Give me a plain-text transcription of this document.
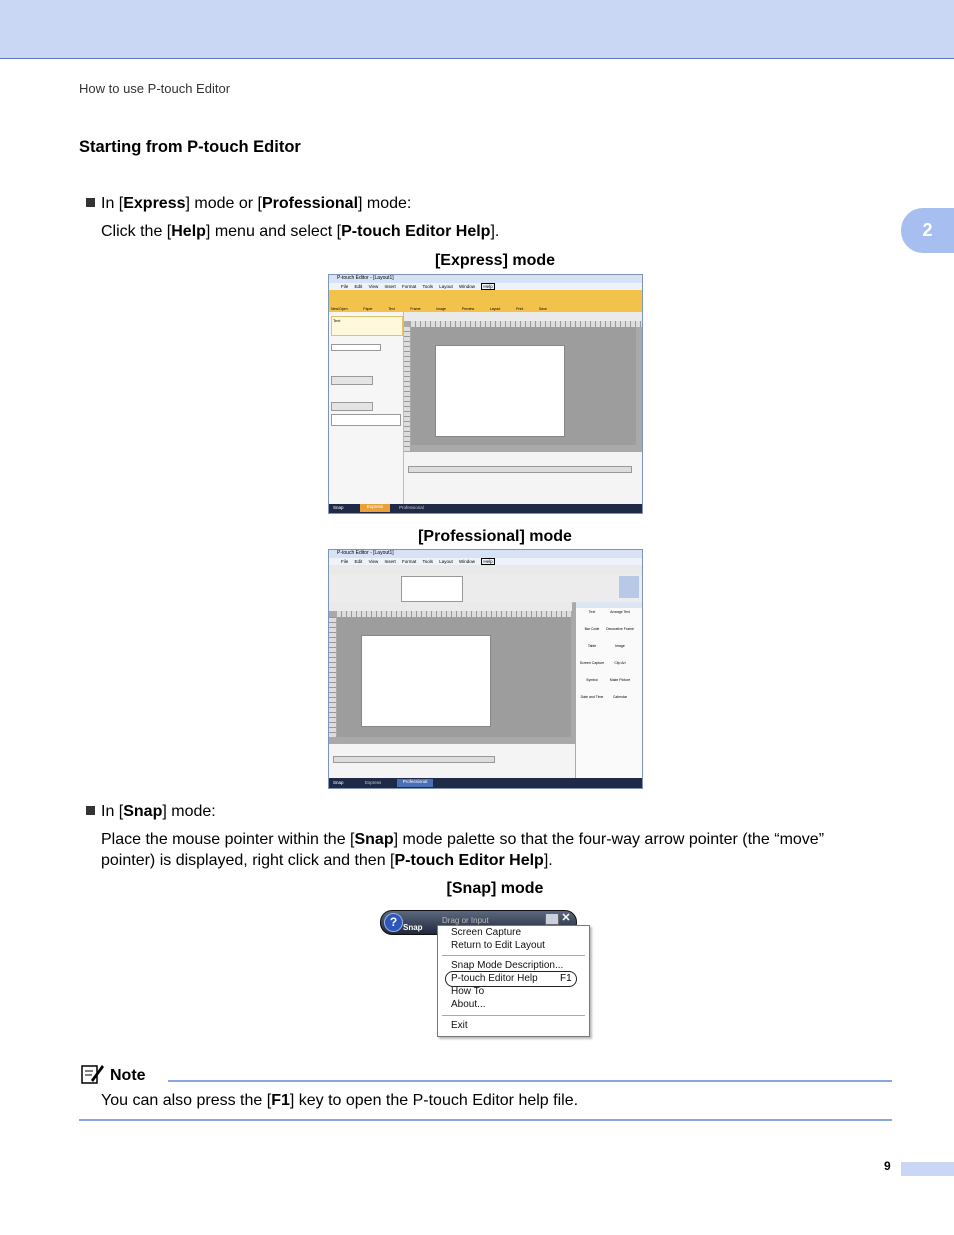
How to use P-touch Editor
2
Starting from P-touch Editor
In [Express] mode or [Professional] mode:
Click the [Help] menu and select [P-touch Editor Help].
[Express] mode
P-touch Editor - [Layout1]
File Edit View Insert Format Tools Layout Window Help
New/Open	Paper	Text	Frame	Image	Preview	Layout	Print	Save
Text
Snap	Express	Professional
[Professional] mode
P-touch Editor - [Layout1]
File Edit View Insert Format Tools Layout Window Help
Text	Arrange Text
Bar Code	Decorative Frame
Table	Image
Screen Capture	Clip Art
Symbol	Make Picture
Date and Time	Calendar
Snap	Express	Professional
In [Snap] mode:
Place the mouse pointer within the [Snap] mode palette so that the four-way arrow pointer (the “move”
pointer) is displayed, right click and then [P-touch Editor Help].
[Snap] mode
? Snap
Drag or Input	✕
Screen Capture
Return to Edit Layout
Snap Mode Description...
P-touch Editor Help F1
How To
About...
Exit
Note
You can also press the [F1] key to open the P-touch Editor help file.
9
